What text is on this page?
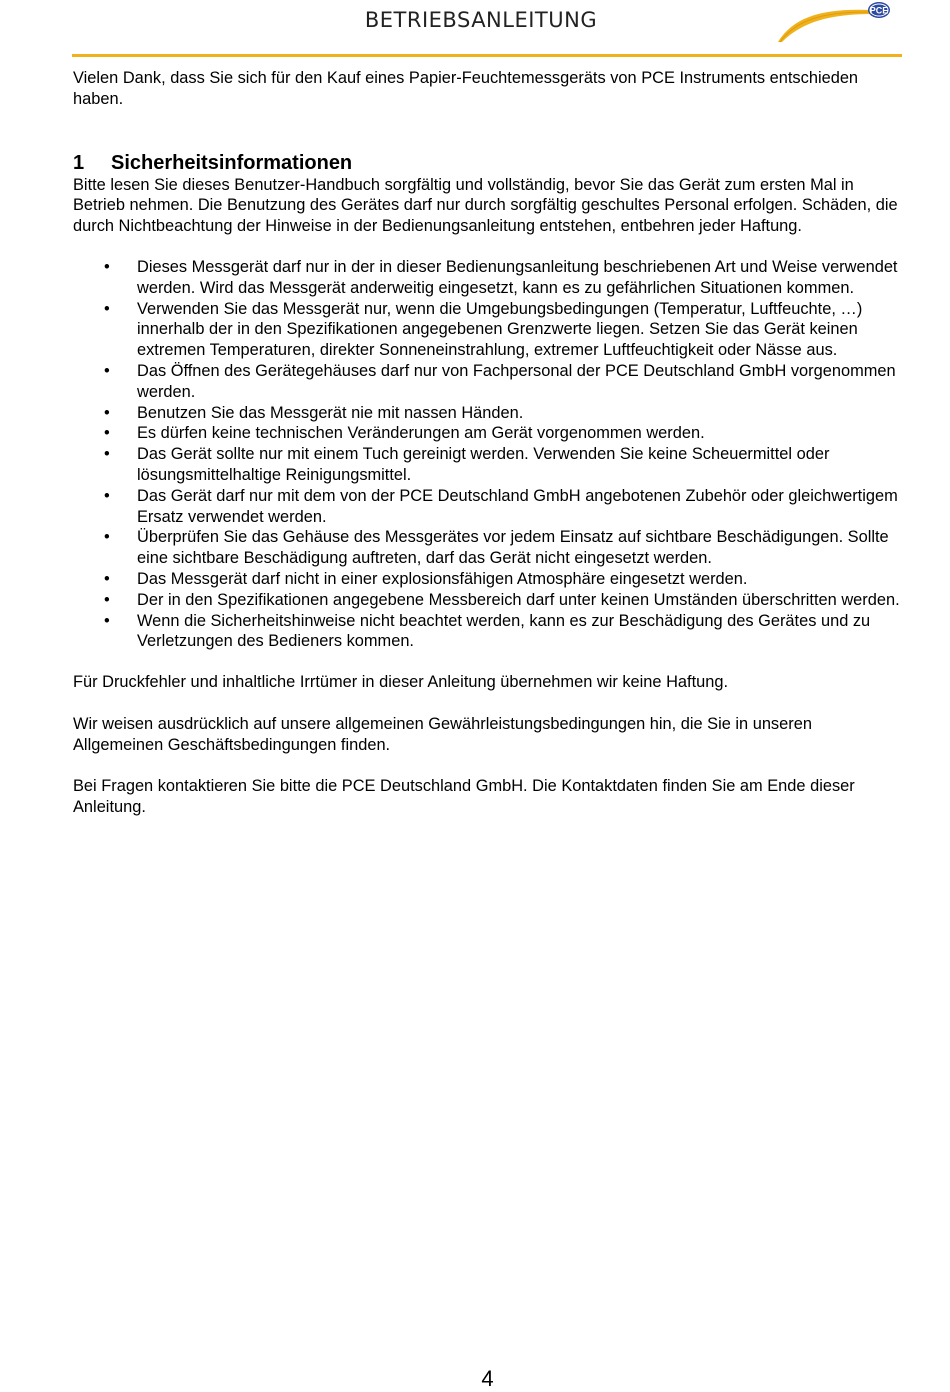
BETRIEBSANLEITUNG	PCE

Vielen Dank, dass Sie sich für den Kauf eines Papier-Feuchtemessgeräts von PCE Instruments entschieden haben.

1 Sicherheitsinformationen

Bitte lesen Sie dieses Benutzer-Handbuch sorgfältig und vollständig, bevor Sie das Gerät zum ersten Mal in Betrieb nehmen. Die Benutzung des Gerätes darf nur durch sorgfältig geschultes Personal erfolgen. Schäden, die durch Nichtbeachtung der Hinweise in der Bedienungsanleitung entstehen, entbehren jeder Haftung.

• Dieses Messgerät darf nur in der in dieser Bedienungsanleitung beschriebenen Art und Weise verwendet werden. Wird das Messgerät anderweitig eingesetzt, kann es zu gefährlichen Situationen kommen.
• Verwenden Sie das Messgerät nur, wenn die Umgebungsbedingungen (Temperatur, Luftfeuchte, …) innerhalb der in den Spezifikationen angegebenen Grenzwerte liegen. Setzen Sie das Gerät keinen extremen Temperaturen, direkter Sonneneinstrahlung, extremer Luftfeuchtigkeit oder Nässe aus.
• Das Öffnen des Gerätegehäuses darf nur von Fachpersonal der PCE Deutschland GmbH vorgenommen werden.
• Benutzen Sie das Messgerät nie mit nassen Händen.
• Es dürfen keine technischen Veränderungen am Gerät vorgenommen werden.
• Das Gerät sollte nur mit einem Tuch gereinigt werden. Verwenden Sie keine Scheuermittel oder lösungsmittelhaltige Reinigungsmittel.
• Das Gerät darf nur mit dem von der PCE Deutschland GmbH angebotenen Zubehör oder gleichwertigem Ersatz verwendet werden.
• Überprüfen Sie das Gehäuse des Messgerätes vor jedem Einsatz auf sichtbare Beschädigungen. Sollte eine sichtbare Beschädigung auftreten, darf das Gerät nicht eingesetzt werden.
• Das Messgerät darf nicht in einer explosionsfähigen Atmosphäre eingesetzt werden.
• Der in den Spezifikationen angegebene Messbereich darf unter keinen Umständen überschritten werden.
• Wenn die Sicherheitshinweise nicht beachtet werden, kann es zur Beschädigung des Gerätes und zu Verletzungen des Bedieners kommen.

Für Druckfehler und inhaltliche Irrtümer in dieser Anleitung übernehmen wir keine Haftung.

Wir weisen ausdrücklich auf unsere allgemeinen Gewährleistungsbedingungen hin, die Sie in unseren Allgemeinen Geschäftsbedingungen finden.

Bei Fragen kontaktieren Sie bitte die PCE Deutschland GmbH. Die Kontaktdaten finden Sie am Ende dieser Anleitung.

4
